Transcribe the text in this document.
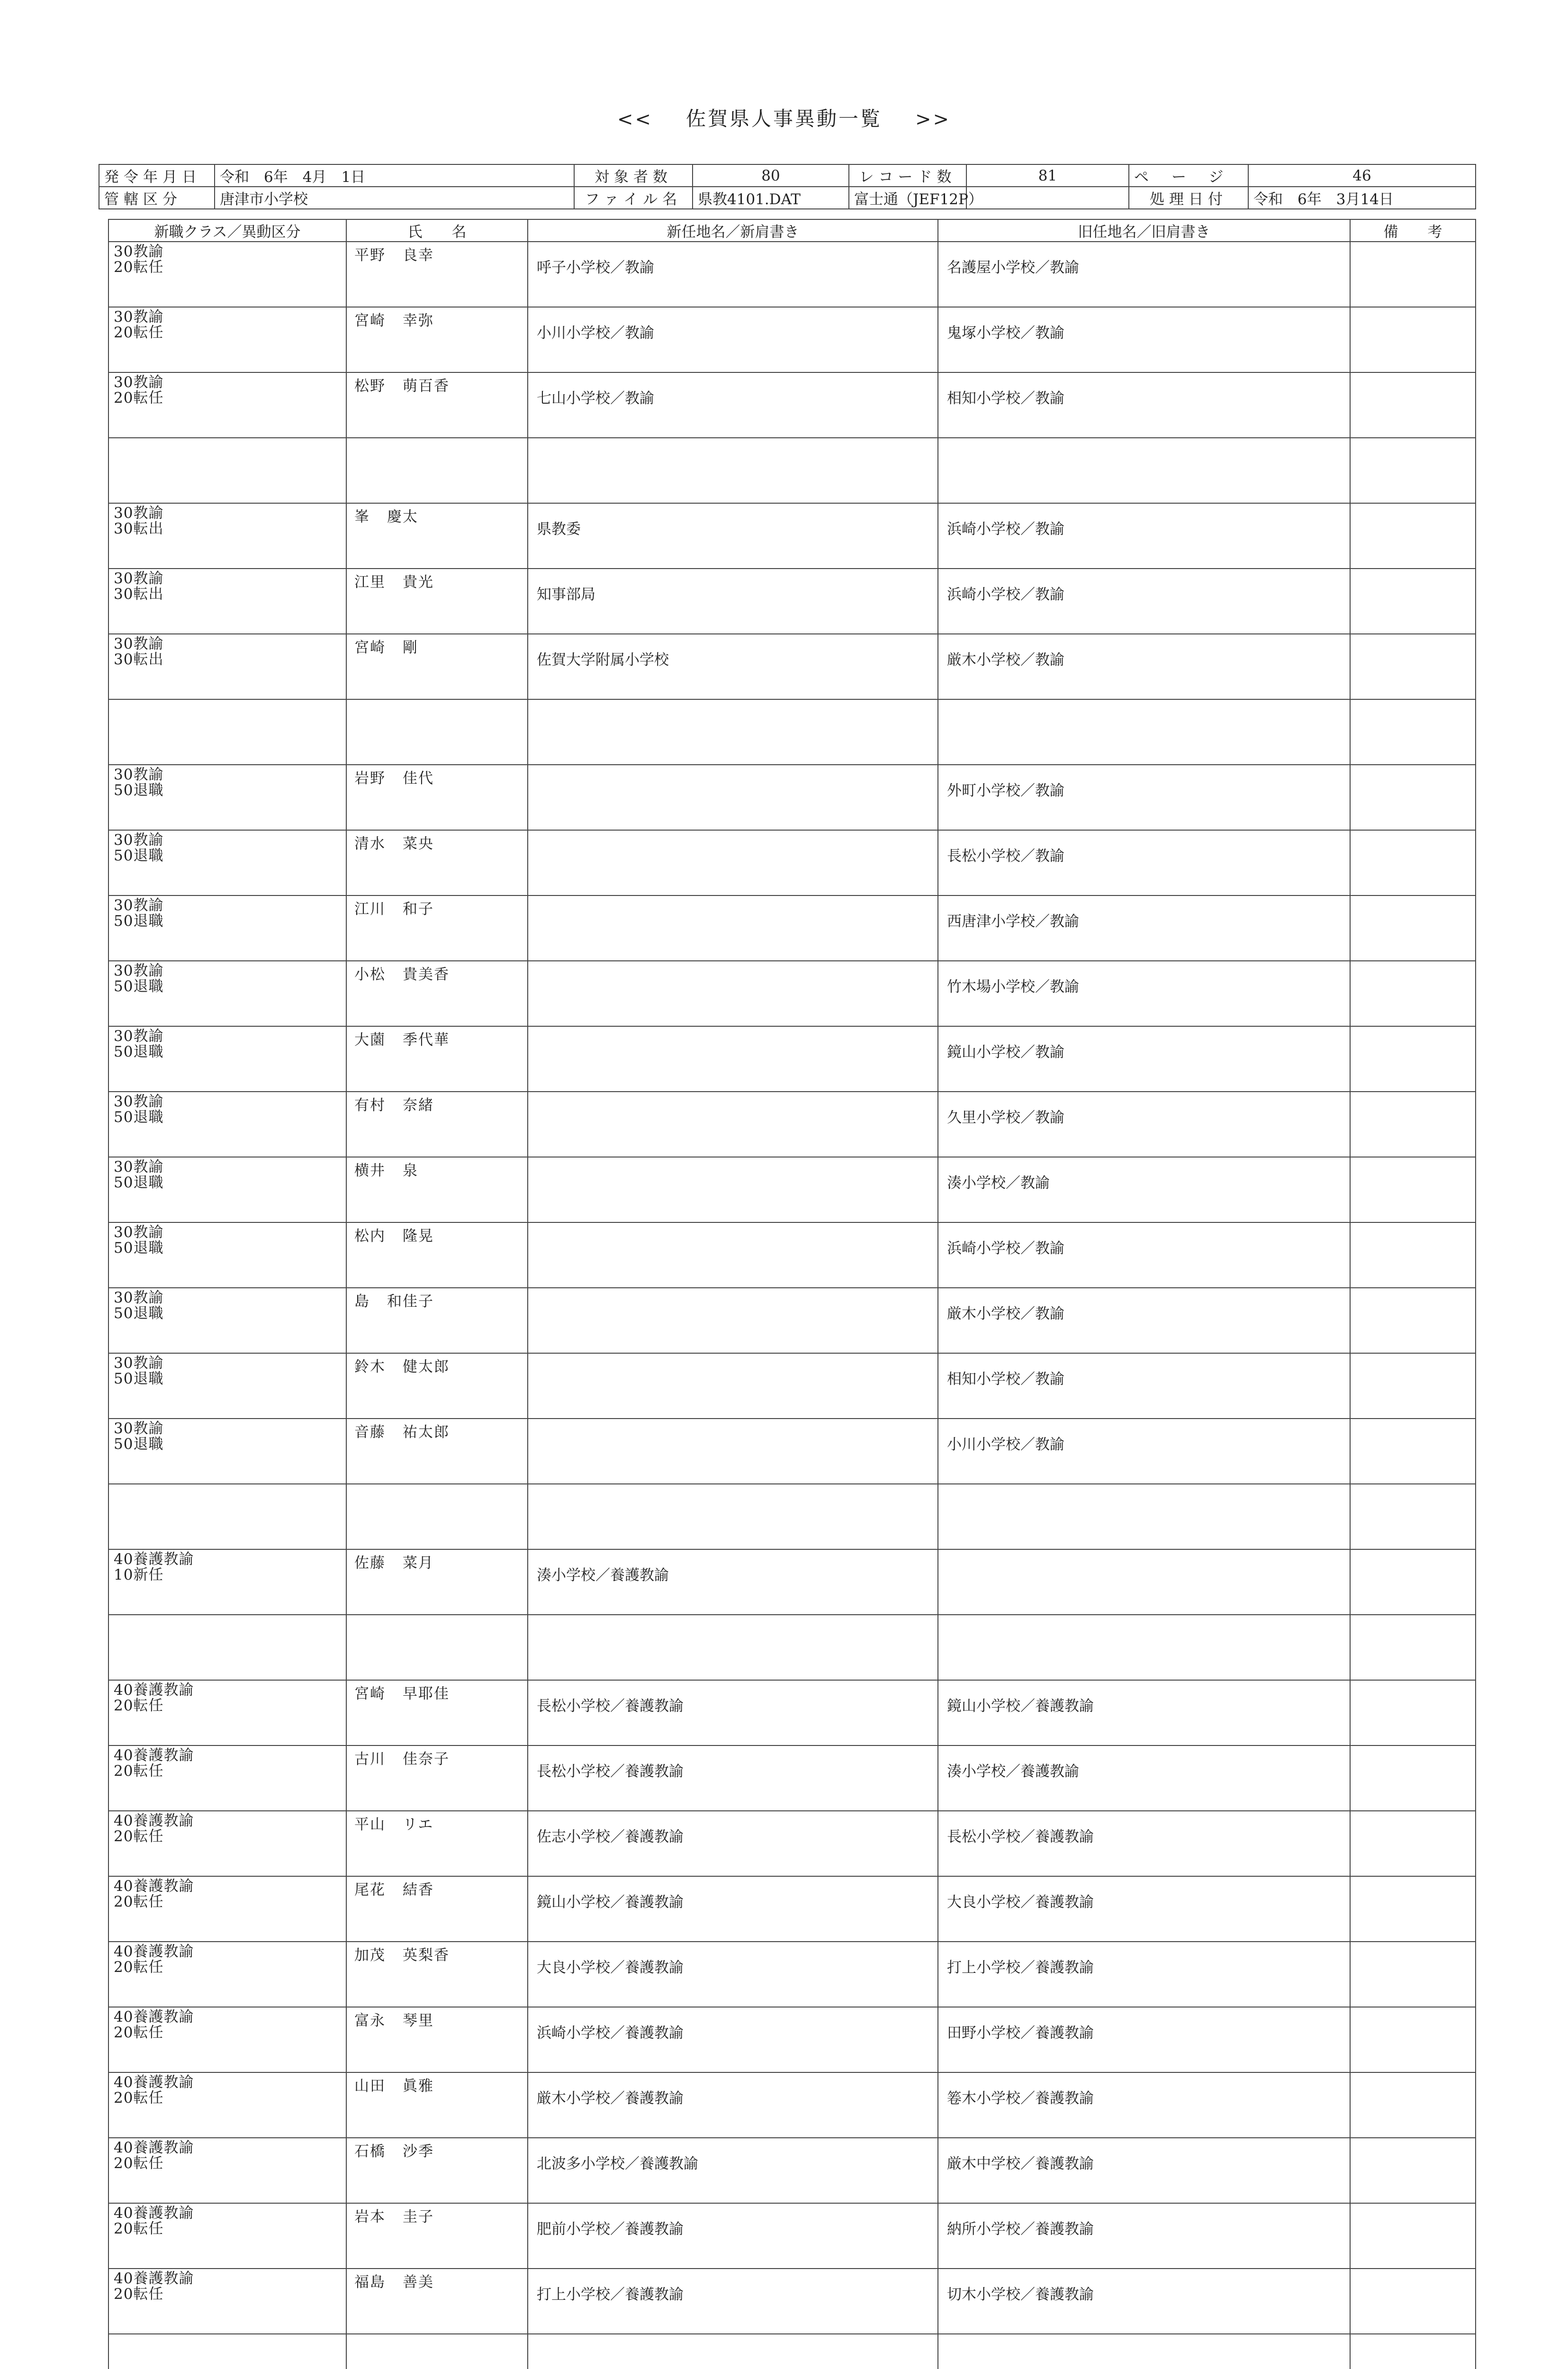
<< 佐賀県人事異動一覧 >>
発令年月日	令和　6年　4月　1日	対象者数	80	レコード数	81	ページ	46
管轄区分	唐津市小学校	ファイル名	県教4101.DAT	富士通（JEF12P）		処理日付	令和　6年　3月14日
新職クラス／異動区分	氏　　名	新任地名／新肩書き	旧任地名／旧肩書き	備　　考

30教諭
20転任	平野 良幸	呼子小学校／教諭	名護屋小学校／教諭	

30教諭
20転任	宮崎 幸弥	小川小学校／教諭	鬼塚小学校／教諭	

30教諭
20転任	松野 萌百香	七山小学校／教諭	相知小学校／教諭	

30教諭
30転出	峯 慶太	県教委	浜崎小学校／教諭	

30教諭
30転出	江里 貴光	知事部局	浜崎小学校／教諭	

30教諭
30転出	宮崎 剛	佐賀大学附属小学校	厳木小学校／教諭	

30教諭
50退職	岩野 佳代		外町小学校／教諭	

30教諭
50退職	清水 菜央		長松小学校／教諭	

30教諭
50退職	江川 和子		西唐津小学校／教諭	

30教諭
50退職	小松 貴美香		竹木場小学校／教諭	

30教諭
50退職	大薗 季代華		鏡山小学校／教諭	

30教諭
50退職	有村 奈緒		久里小学校／教諭	

30教諭
50退職	横井 泉		湊小学校／教諭	

30教諭
50退職	松内 隆晃		浜崎小学校／教諭	

30教諭
50退職	島 和佳子		厳木小学校／教諭	

30教諭
50退職	鈴木 健太郎		相知小学校／教諭	

30教諭
50退職	音藤 祐太郎		小川小学校／教諭	

40養護教諭
10新任	佐藤 菜月	湊小学校／養護教諭		

40養護教諭
20転任	宮崎 早耶佳	長松小学校／養護教諭	鏡山小学校／養護教諭	

40養護教諭
20転任	古川 佳奈子	長松小学校／養護教諭	湊小学校／養護教諭	

40養護教諭
20転任	平山 リエ	佐志小学校／養護教諭	長松小学校／養護教諭	

40養護教諭
20転任	尾花 結香	鏡山小学校／養護教諭	大良小学校／養護教諭	

40養護教諭
20転任	加茂 英梨香	大良小学校／養護教諭	打上小学校／養護教諭	

40養護教諭
20転任	富永 琴里	浜崎小学校／養護教諭	田野小学校／養護教諭	

40養護教諭
20転任	山田 眞雅	厳木小学校／養護教諭	箞木小学校／養護教諭	

40養護教諭
20転任	石橋 沙季	北波多小学校／養護教諭	厳木中学校／養護教諭	

40養護教諭
20転任	岩本 圭子	肥前小学校／養護教諭	納所小学校／養護教諭	

40養護教諭
20転任	福島 善美	打上小学校／養護教諭	切木小学校／養護教諭	
